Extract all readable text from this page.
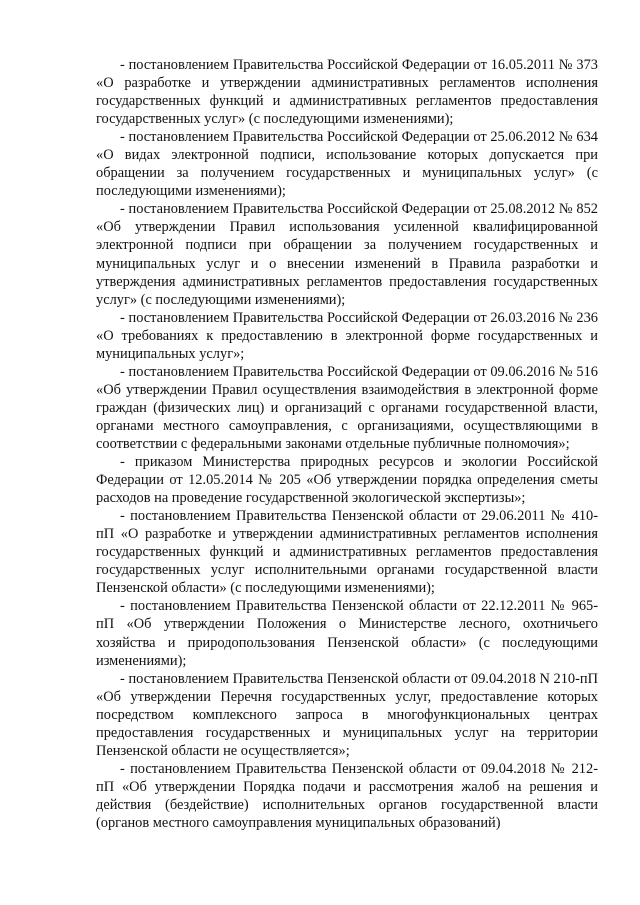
- постановлением Правительства Российской Федерации от 16.05.2011 № 373 «О разработке и утверждении административных регламентов исполнения государственных функций и административных регламентов предоставления государственных услуг» (с последующими изменениями);

- постановлением Правительства Российской Федерации от 25.06.2012 № 634 «О видах электронной подписи, использование которых допускается при обращении за получением государственных и муниципальных услуг» (с последующими изменениями);

- постановлением Правительства Российской Федерации от 25.08.2012 № 852 «Об утверждении Правил использования усиленной квалифицированной электронной подписи при обращении за получением государственных и муниципальных услуг и о внесении изменений в Правила разработки и утверждения административных регламентов предоставления государственных услуг» (с последующими изменениями);

- постановлением Правительства Российской Федерации от 26.03.2016 № 236 «О требованиях к предоставлению в электронной форме государственных и муниципальных услуг»;

- постановлением Правительства Российской Федерации от 09.06.2016 № 516 «Об утверждении Правил осуществления взаимодействия в электронной форме граждан (физических лиц) и организаций с органами государственной власти, органами местного самоуправления, с организациями, осуществляющими в соответствии с федеральными законами отдельные публичные полномочия»;

- приказом Министерства природных ресурсов и экологии Российской Федерации от 12.05.2014 № 205 «Об утверждении порядка определения сметы расходов на проведение государственной экологической экспертизы»;

- постановлением Правительства Пензенской области от 29.06.2011 № 410-пП «О разработке и утверждении административных регламентов исполнения государственных функций и административных регламентов предоставления государственных услуг исполнительными органами государственной власти Пензенской области» (с последующими изменениями);

- постановлением Правительства Пензенской области от 22.12.2011 № 965-пП «Об утверждении Положения о Министерстве лесного, охотничьего хозяйства и природопользования Пензенской области» (с последующими изменениями);

- постановлением Правительства Пензенской области от 09.04.2018 N 210-пП «Об утверждении Перечня государственных услуг, предоставление которых посредством комплексного запроса в многофункциональных центрах предоставления государственных и муниципальных услуг на территории Пензенской области не осуществляется»;

- постановлением Правительства Пензенской области от 09.04.2018 № 212-пП «Об утверждении Порядка подачи и рассмотрения жалоб на решения и действия (бездействие) исполнительных органов государственной власти (органов местного самоуправления муниципальных образований)
